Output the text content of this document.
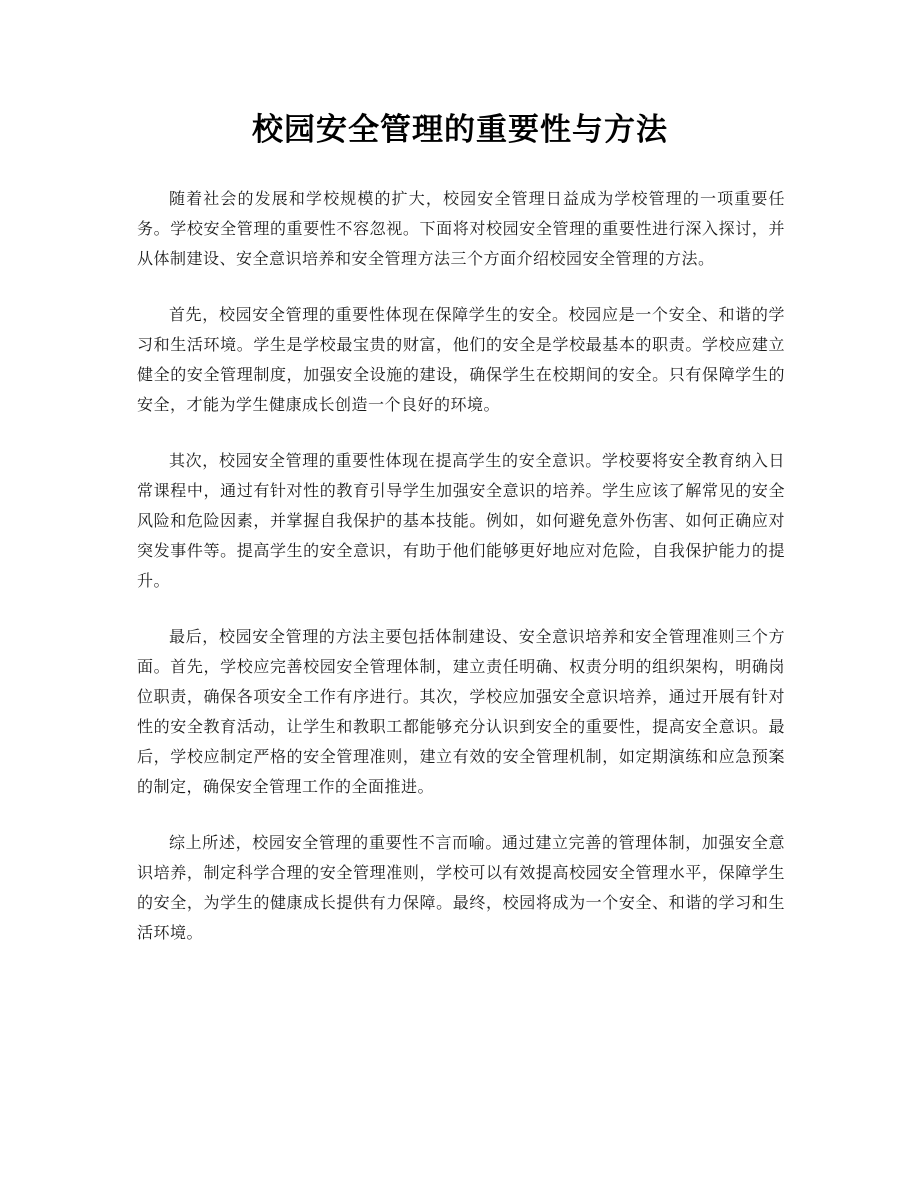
校园安全管理的重要性与方法

随着社会的发展和学校规模的扩大，校园安全管理日益成为学校管理的一项重要任务。学校安全管理的重要性不容忽视。下面将对校园安全管理的重要性进行深入探讨，并从体制建设、安全意识培养和安全管理方法三个方面介绍校园安全管理的方法。

首先，校园安全管理的重要性体现在保障学生的安全。校园应是一个安全、和谐的学习和生活环境。学生是学校最宝贵的财富，他们的安全是学校最基本的职责。学校应建立健全的安全管理制度，加强安全设施的建设，确保学生在校期间的安全。只有保障学生的安全，才能为学生健康成长创造一个良好的环境。

其次，校园安全管理的重要性体现在提高学生的安全意识。学校要将安全教育纳入日常课程中，通过有针对性的教育引导学生加强安全意识的培养。学生应该了解常见的安全风险和危险因素，并掌握自我保护的基本技能。例如，如何避免意外伤害、如何正确应对突发事件等。提高学生的安全意识，有助于他们能够更好地应对危险，自我保护能力的提升。

最后，校园安全管理的方法主要包括体制建设、安全意识培养和安全管理准则三个方面。首先，学校应完善校园安全管理体制，建立责任明确、权责分明的组织架构，明确岗位职责，确保各项安全工作有序进行。其次，学校应加强安全意识培养，通过开展有针对性的安全教育活动，让学生和教职工都能够充分认识到安全的重要性，提高安全意识。最后，学校应制定严格的安全管理准则，建立有效的安全管理机制，如定期演练和应急预案的制定，确保安全管理工作的全面推进。

综上所述，校园安全管理的重要性不言而喻。通过建立完善的管理体制，加强安全意识培养，制定科学合理的安全管理准则，学校可以有效提高校园安全管理水平，保障学生的安全，为学生的健康成长提供有力保障。最终，校园将成为一个安全、和谐的学习和生活环境。
